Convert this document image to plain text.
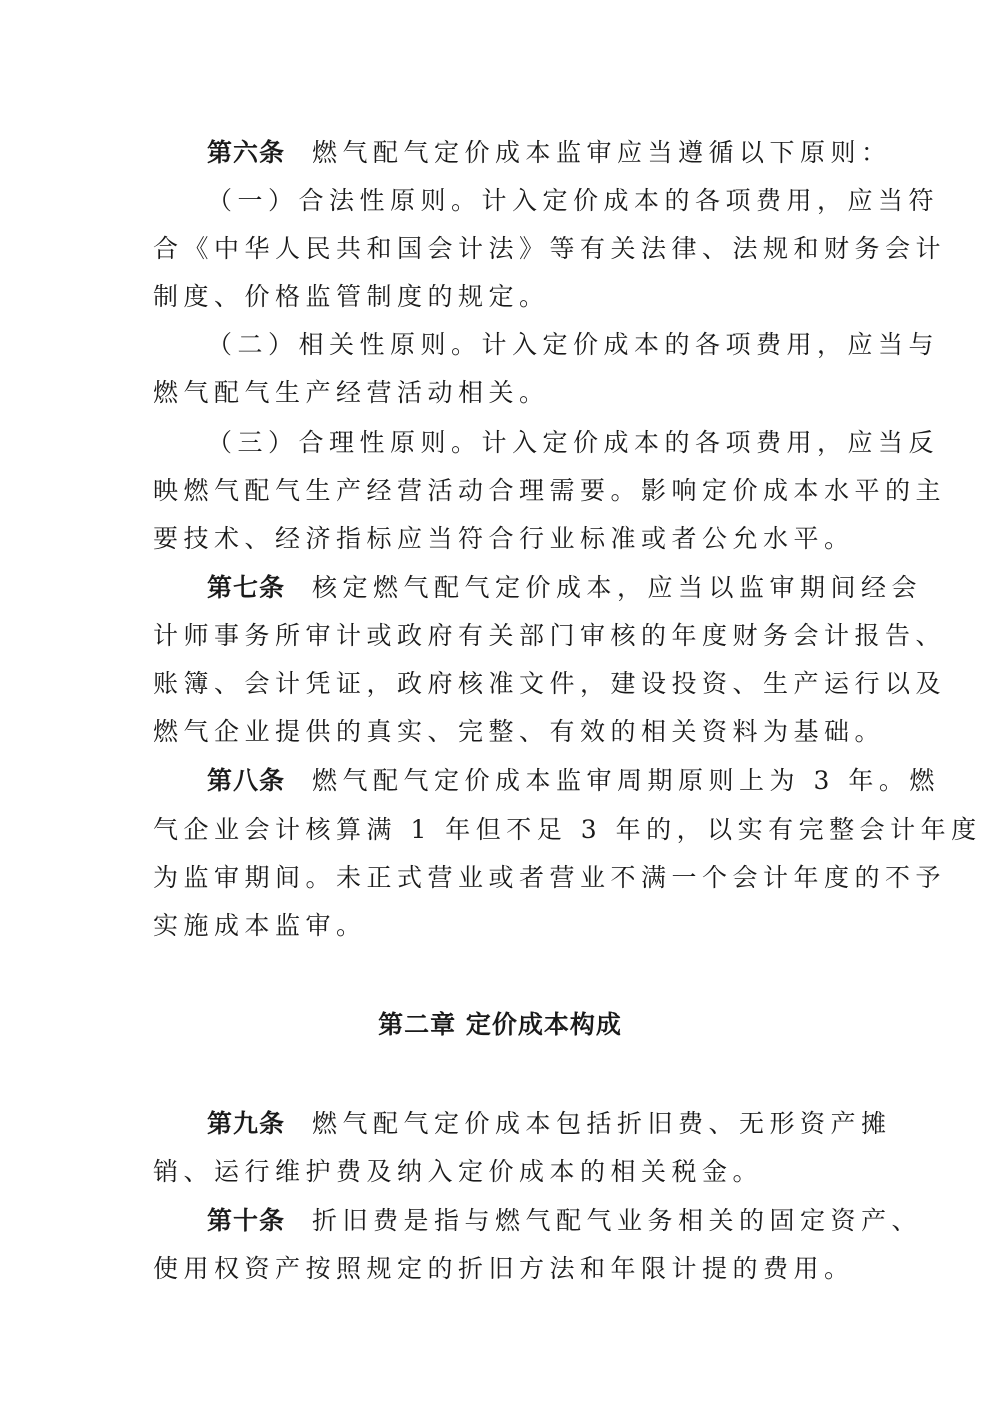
第六条 燃气配气定价成本监审应当遵循以下原则：
（一）合法性原则。计入定价成本的各项费用，应当符
合《中华人民共和国会计法》等有关法律、法规和财务会计
制度、价格监管制度的规定。
（二）相关性原则。计入定价成本的各项费用，应当与
燃气配气生产经营活动相关。
（三）合理性原则。计入定价成本的各项费用，应当反
映燃气配气生产经营活动合理需要。影响定价成本水平的主
要技术、经济指标应当符合行业标准或者公允水平。
第七条 核定燃气配气定价成本，应当以监审期间经会
计师事务所审计或政府有关部门审核的年度财务会计报告、
账簿、会计凭证，政府核准文件，建设投资、生产运行以及
燃气企业提供的真实、完整、有效的相关资料为基础。
第八条 燃气配气定价成本监审周期原则上为 3 年。燃
气企业会计核算满 1 年但不足 3 年的，以实有完整会计年度
为监审期间。未正式营业或者营业不满一个会计年度的不予
实施成本监审。
第二章 定价成本构成
第九条 燃气配气定价成本包括折旧费、无形资产摊
销、运行维护费及纳入定价成本的相关税金。
第十条 折旧费是指与燃气配气业务相关的固定资产、
使用权资产按照规定的折旧方法和年限计提的费用。
